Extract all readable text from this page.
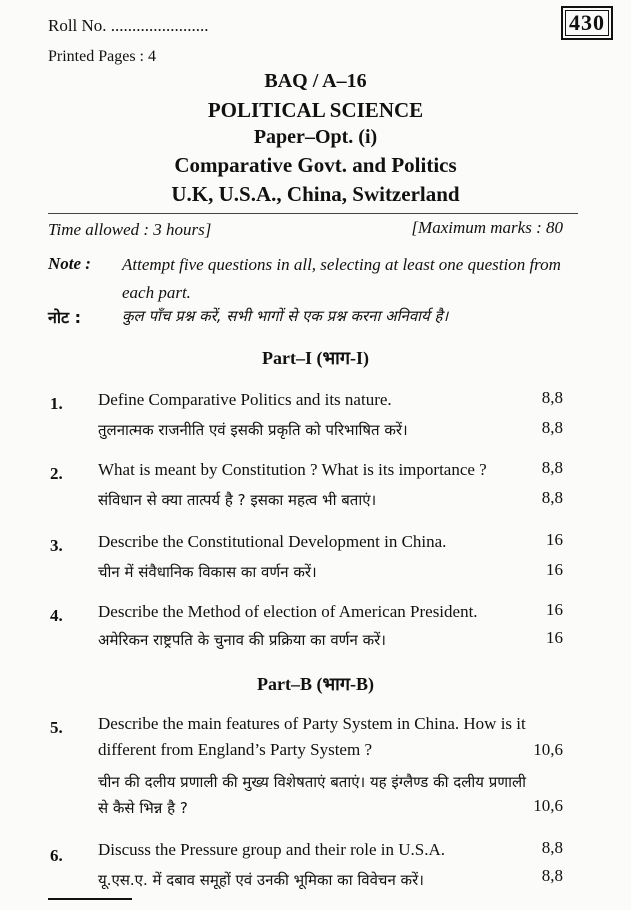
Roll No. .......................
Printed Pages : 4
430
BAQ / A–16
POLITICAL SCIENCE
Paper–Opt. (i)
Comparative Govt. and Politics
U.K, U.S.A., China, Switzerland
Time allowed : 3 hours]	[Maximum marks : 80
Note : Attempt five questions in all, selecting at least one question from each part.
नोट :	कुल पाँच प्रश्न करें, सभी भागों से एक प्रश्न करना अनिवार्य है।
Part–I (भाग-I)
1. Define Comparative Politics and its nature.	8,8
तुलनात्मक राजनीति एवं इसकी प्रकृति को परिभाषित करें।	8,8
2. What is meant by Constitution ? What is its importance ?	8,8
संविधान से क्या तात्पर्य है ? इसका महत्व भी बताएं।	8,8
3. Describe the Constitutional Development in China.	16
चीन में संवैधानिक विकास का वर्णन करें।	16
4. Describe the Method of election of American President.	16
अमेरिकन राष्ट्रपति के चुनाव की प्रक्रिया का वर्णन करें।	16
Part–B (भाग-B)
5. Describe the main features of Party System in China. How is it
different from England’s Party System ?	10,6
चीन की दलीय प्रणाली की मुख्य विशेषताएं बताएं। यह इंग्लैण्ड की दलीय प्रणाली
से कैसे भिन्न है ?	10,6
6. Discuss the Pressure group and their role in U.S.A.	8,8
यू.एस.ए. में दबाव समूहों एवं उनकी भूमिका का विवेचन करें।	8,8
